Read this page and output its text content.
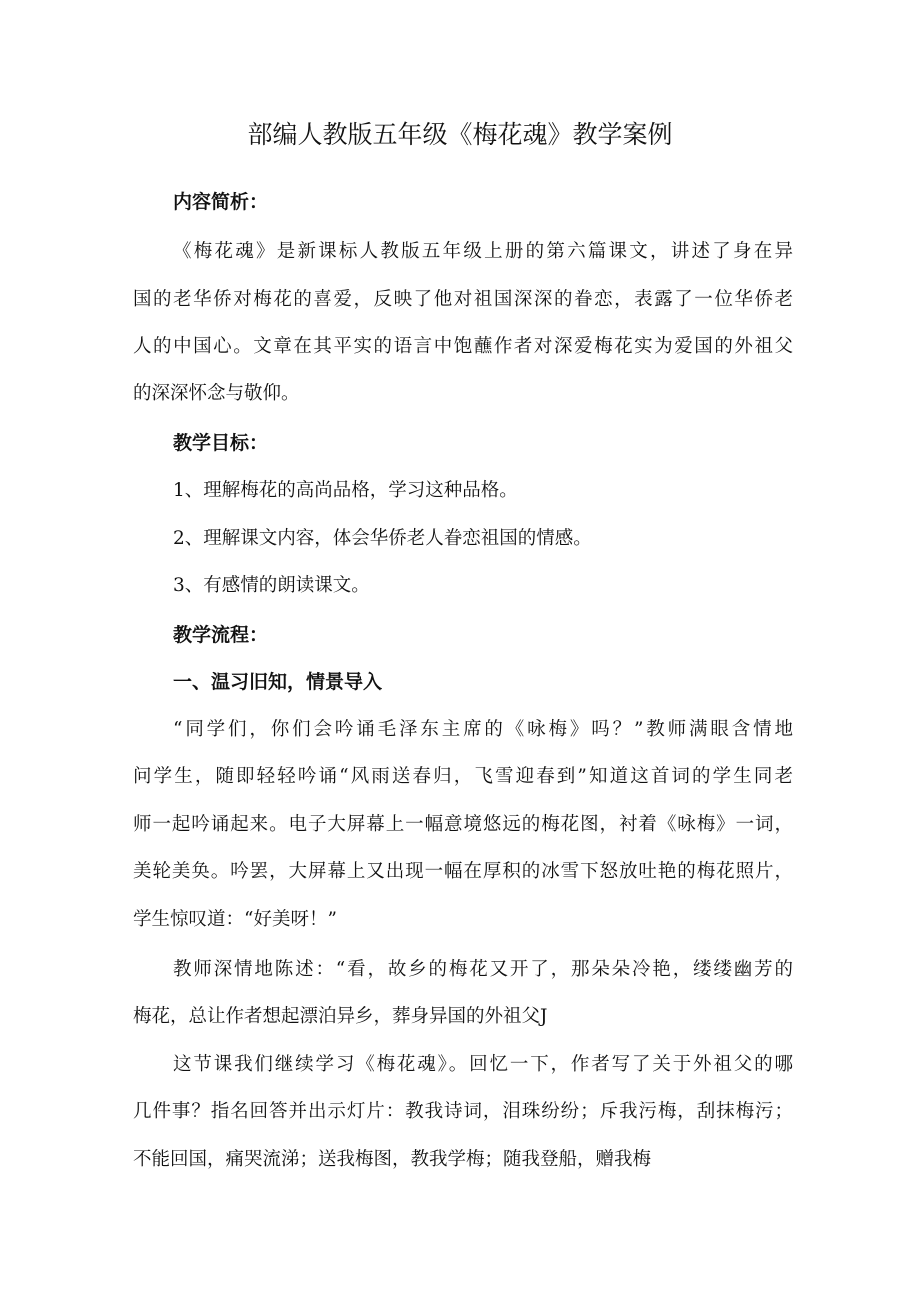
部编人教版五年级《梅花魂》教学案例
内容简析：
《梅花魂》是新课标人教版五年级上册的第六篇课文，讲述了身在异
国的老华侨对梅花的喜爱，反映了他对祖国深深的眷恋，表露了一位华侨老
人的中国心。文章在其平实的语言中饱蘸作者对深爱梅花实为爱国的外祖父
的深深怀念与敬仰。
教学目标：
1、理解梅花的高尚品格，学习这种品格。
2、理解课文内容，体会华侨老人眷恋祖国的情感。
3、有感情的朗读课文。
教学流程：
一、温习旧知，情景导入
“同学们，你们会吟诵毛泽东主席的《咏梅》吗？”教师满眼含情地
问学生，随即轻轻吟诵“风雨送春归，飞雪迎春到”知道这首词的学生同老
师一起吟诵起来。电子大屏幕上一幅意境悠远的梅花图，衬着《咏梅》一词，
美轮美奂。吟罢，大屏幕上又出现一幅在厚积的冰雪下怒放吐艳的梅花照片，
学生惊叹道：“好美呀！”
教师深情地陈述：“看，故乡的梅花又开了，那朵朵冷艳，缕缕幽芳的
梅花，总让作者想起漂泊异乡，葬身异国的外祖父J
这节课我们继续学习《梅花魂》。回忆一下，作者写了关于外祖父的哪
几件事？指名回答并出示灯片：教我诗词，泪珠纷纷；斥我污梅，刮抹梅污；
不能回国，痛哭流涕；送我梅图，教我学梅；随我登船，赠我梅
